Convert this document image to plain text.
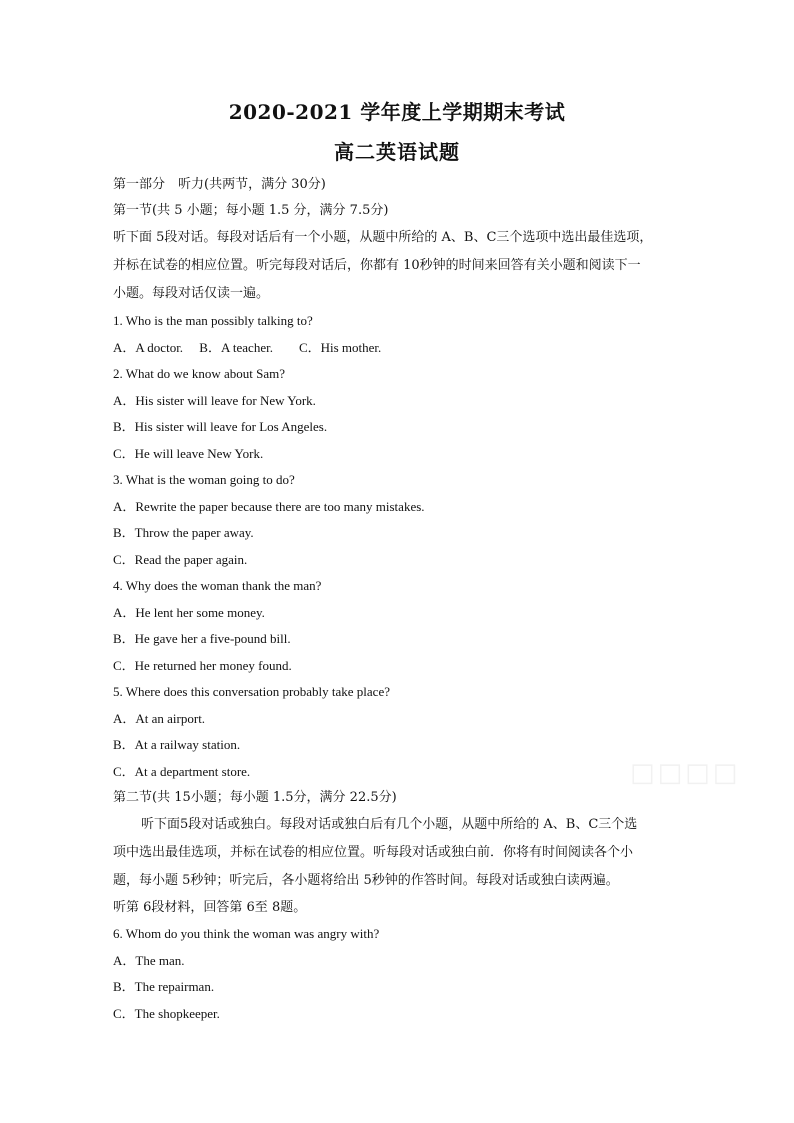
2020-2021 学年度上学期期末考试
高二英语试题
第一部分　听力(共两节，满分 30分)
第一节(共 5 小题；每小题 1.5 分，满分 7.5分)
听下面 5段对话。每段对话后有一个小题，从题中所给的 A、B、C三个选项中选出最佳选项，
并标在试卷的相应位置。听完每段对话后，你都有 10秒钟的时间来回答有关小题和阅读下一
小题。每段对话仅读一遍。
1. Who is the man possibly talking to?
A．A doctor.     B．A teacher.        C．His mother.
2. What do we know about Sam?
A．His sister will leave for New York.
B．His sister will leave for Los Angeles.
C．He will leave New York.
3. What is the woman going to do?
A．Rewrite the paper because there are too many mistakes.
B．Throw the paper away.
C．Read the paper again.
4. Why does the woman thank the man?
A．He lent her some money.
B．He gave her a five-pound bill.
C．He returned her money found.
5. Where does this conversation probably take place?
A．At an airport.
B．At a railway station.
C．At a department store.
第二节(共 15小题；每小题 1.5分，满分 22.5分)
听下面5段对话或独白。每段对话或独白后有几个小题，从题中所给的 A、B、C三个选
项中选出最佳选项，并标在试卷的相应位置。听每段对话或独白前．你将有时间阅读各个小
题，每小题 5秒钟；听完后，各小题将给出 5秒钟的作答时间。每段对话或独白读两遍。
听第 6段材料，回答第 6至 8题。
6. Whom do you think the woman was angry with?
A．The man.
B．The repairman.
C．The shopkeeper.
□□□□
